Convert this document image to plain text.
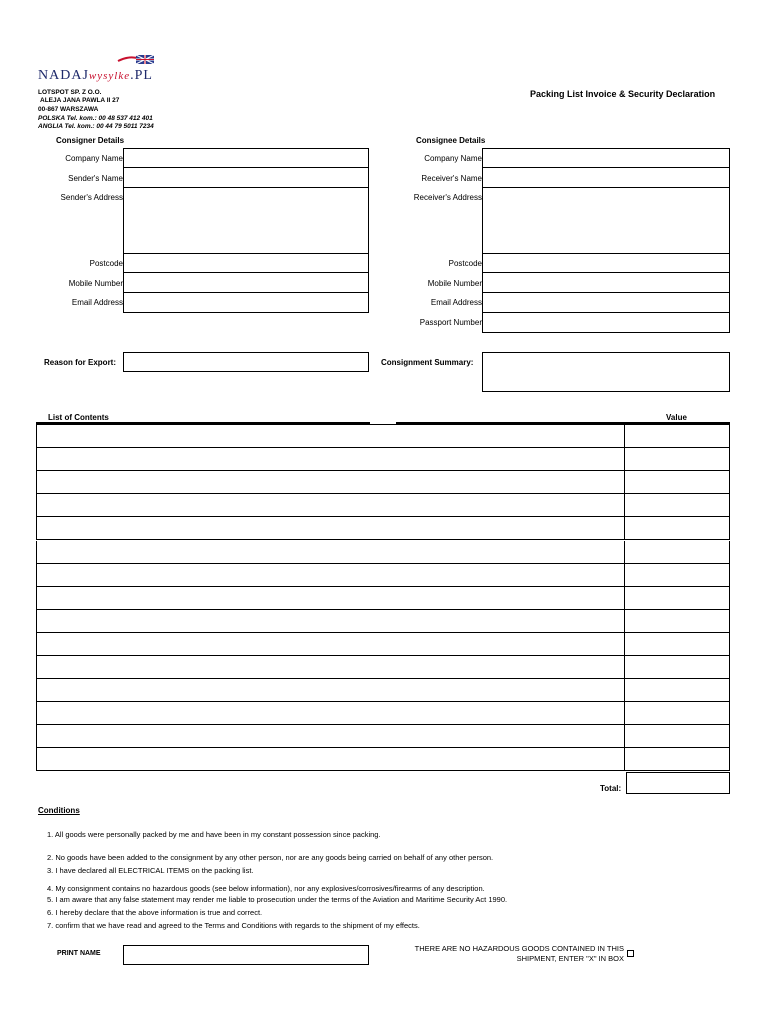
NADAJwysylke.PL
LOTSPOT SP. Z O.O.
ALEJA JANA PAWLA II 27
00-867 WARSZAWA
POLSKA Tel. kom.: 00 48 537 412 401
ANGLIA Tel. kom.: 00 44 79 5011 7234
Packing List Invoice & Security Declaration
Consigner Details
Company Name
Sender's Name
Sender's Address
Postcode
Mobile Number
Email Address
Consignee Details
Company Name
Receiver's Name
Receiver's Address
Postcode
Mobile Number
Email Address
Passport Number
Reason for Export:	Consignment Summary:
List of Contents	Value
Total:
Conditions
1. All goods were personally packed by me and have been in my constant possession since packing.
2. No goods have been added to the consignment by any other person, nor are any goods being carried on behalf of any other person.
3. I have declared all ELECTRICAL ITEMS on the packing list.
4. My consignment contains no hazardous goods (see below information), nor any explosives/corrosives/firearms of any description.
5. I am aware that any false statement may render me liable to prosecution under the terms of the Aviation and Maritime Security Act 1990.
6. I hereby declare that the above information is true and correct.
7. confirm that we have read and agreed to the Terms and Conditions with regards to the shipment of my effects.
PRINT NAME
THERE ARE NO HAZARDOUS GOODS CONTAINED IN THIS
SHIPMENT, ENTER "X" IN BOX
